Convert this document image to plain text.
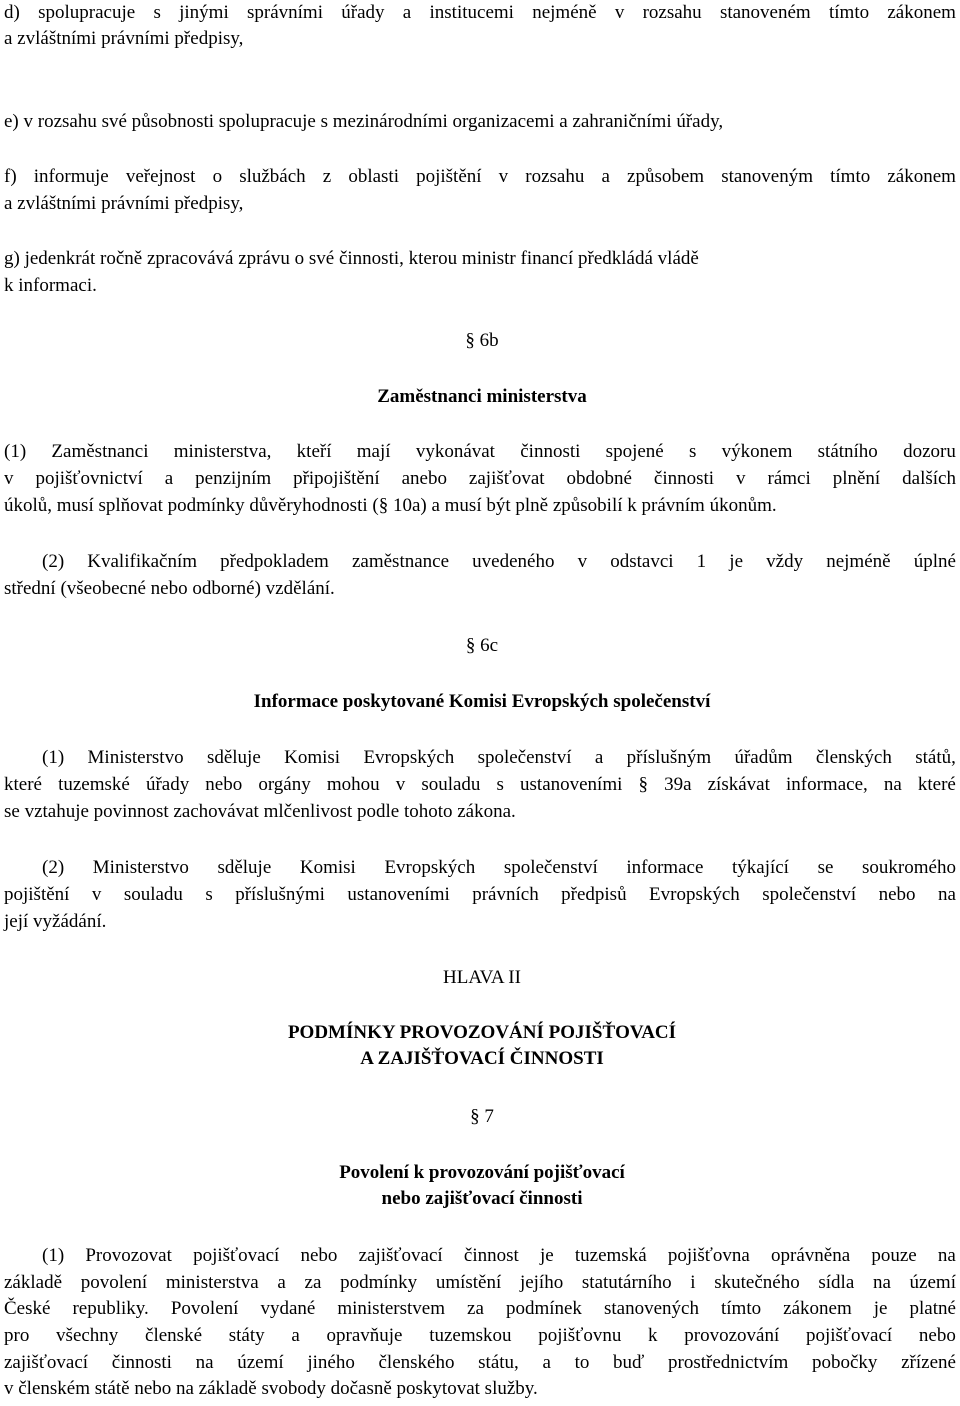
d) spolupracuje s jinými správními úřady a institucemi nejméně v rozsahu stanoveném tímto zákonem
a zvláštními právními předpisy,
e) v rozsahu své působnosti spolupracuje s mezinárodními organizacemi a zahraničními úřady,
f) informuje veřejnost o službách z oblasti pojištění v rozsahu a způsobem stanoveným tímto zákonem
a zvláštními právními předpisy,
g) jedenkrát ročně zpracovává zprávu o své činnosti, kterou ministr financí předkládá vládě
k informaci.
§ 6b
Zaměstnanci ministerstva
(1) Zaměstnanci ministerstva, kteří mají vykonávat činnosti spojené s výkonem státního dozoru
v pojišťovnictví a penzijním připojištění anebo zajišťovat obdobné činnosti v rámci plnění dalších
úkolů, musí splňovat podmínky důvěryhodnosti (§ 10a) a musí být plně způsobilí k právním úkonům.
(2) Kvalifikačním předpokladem zaměstnance uvedeného v odstavci 1 je vždy nejméně úplné
střední (všeobecné nebo odborné) vzdělání.
§ 6c
Informace poskytované Komisi Evropských společenství
(1) Ministerstvo sděluje Komisi Evropských společenství a příslušným úřadům členských států,
které tuzemské úřady nebo orgány mohou v souladu s ustanoveními § 39a získávat informace, na které
se vztahuje povinnost zachovávat mlčenlivost podle tohoto zákona.
(2) Ministerstvo sděluje Komisi Evropských společenství informace týkající se soukromého
pojištění v souladu s příslušnými ustanoveními právních předpisů Evropských společenství nebo na
její vyžádání.
HLAVA II
PODMÍNKY PROVOZOVÁNÍ POJIŠŤOVACÍ
A ZAJIŠŤOVACÍ ČINNOSTI
§ 7
Povolení k provozování pojišťovací
nebo zajišťovací činnosti
(1) Provozovat pojišťovací nebo zajišťovací činnost je tuzemská pojišťovna oprávněna pouze na
základě povolení ministerstva a za podmínky umístění jejího statutárního i skutečného sídla na území
České republiky. Povolení vydané ministerstvem za podmínek stanovených tímto zákonem je platné
pro všechny členské státy a opravňuje tuzemskou pojišťovnu k provozování pojišťovací nebo
zajišťovací činnosti na území jiného členského státu, a to buď prostřednictvím pobočky zřízené
v členském státě nebo na základě svobody dočasně poskytovat služby.
